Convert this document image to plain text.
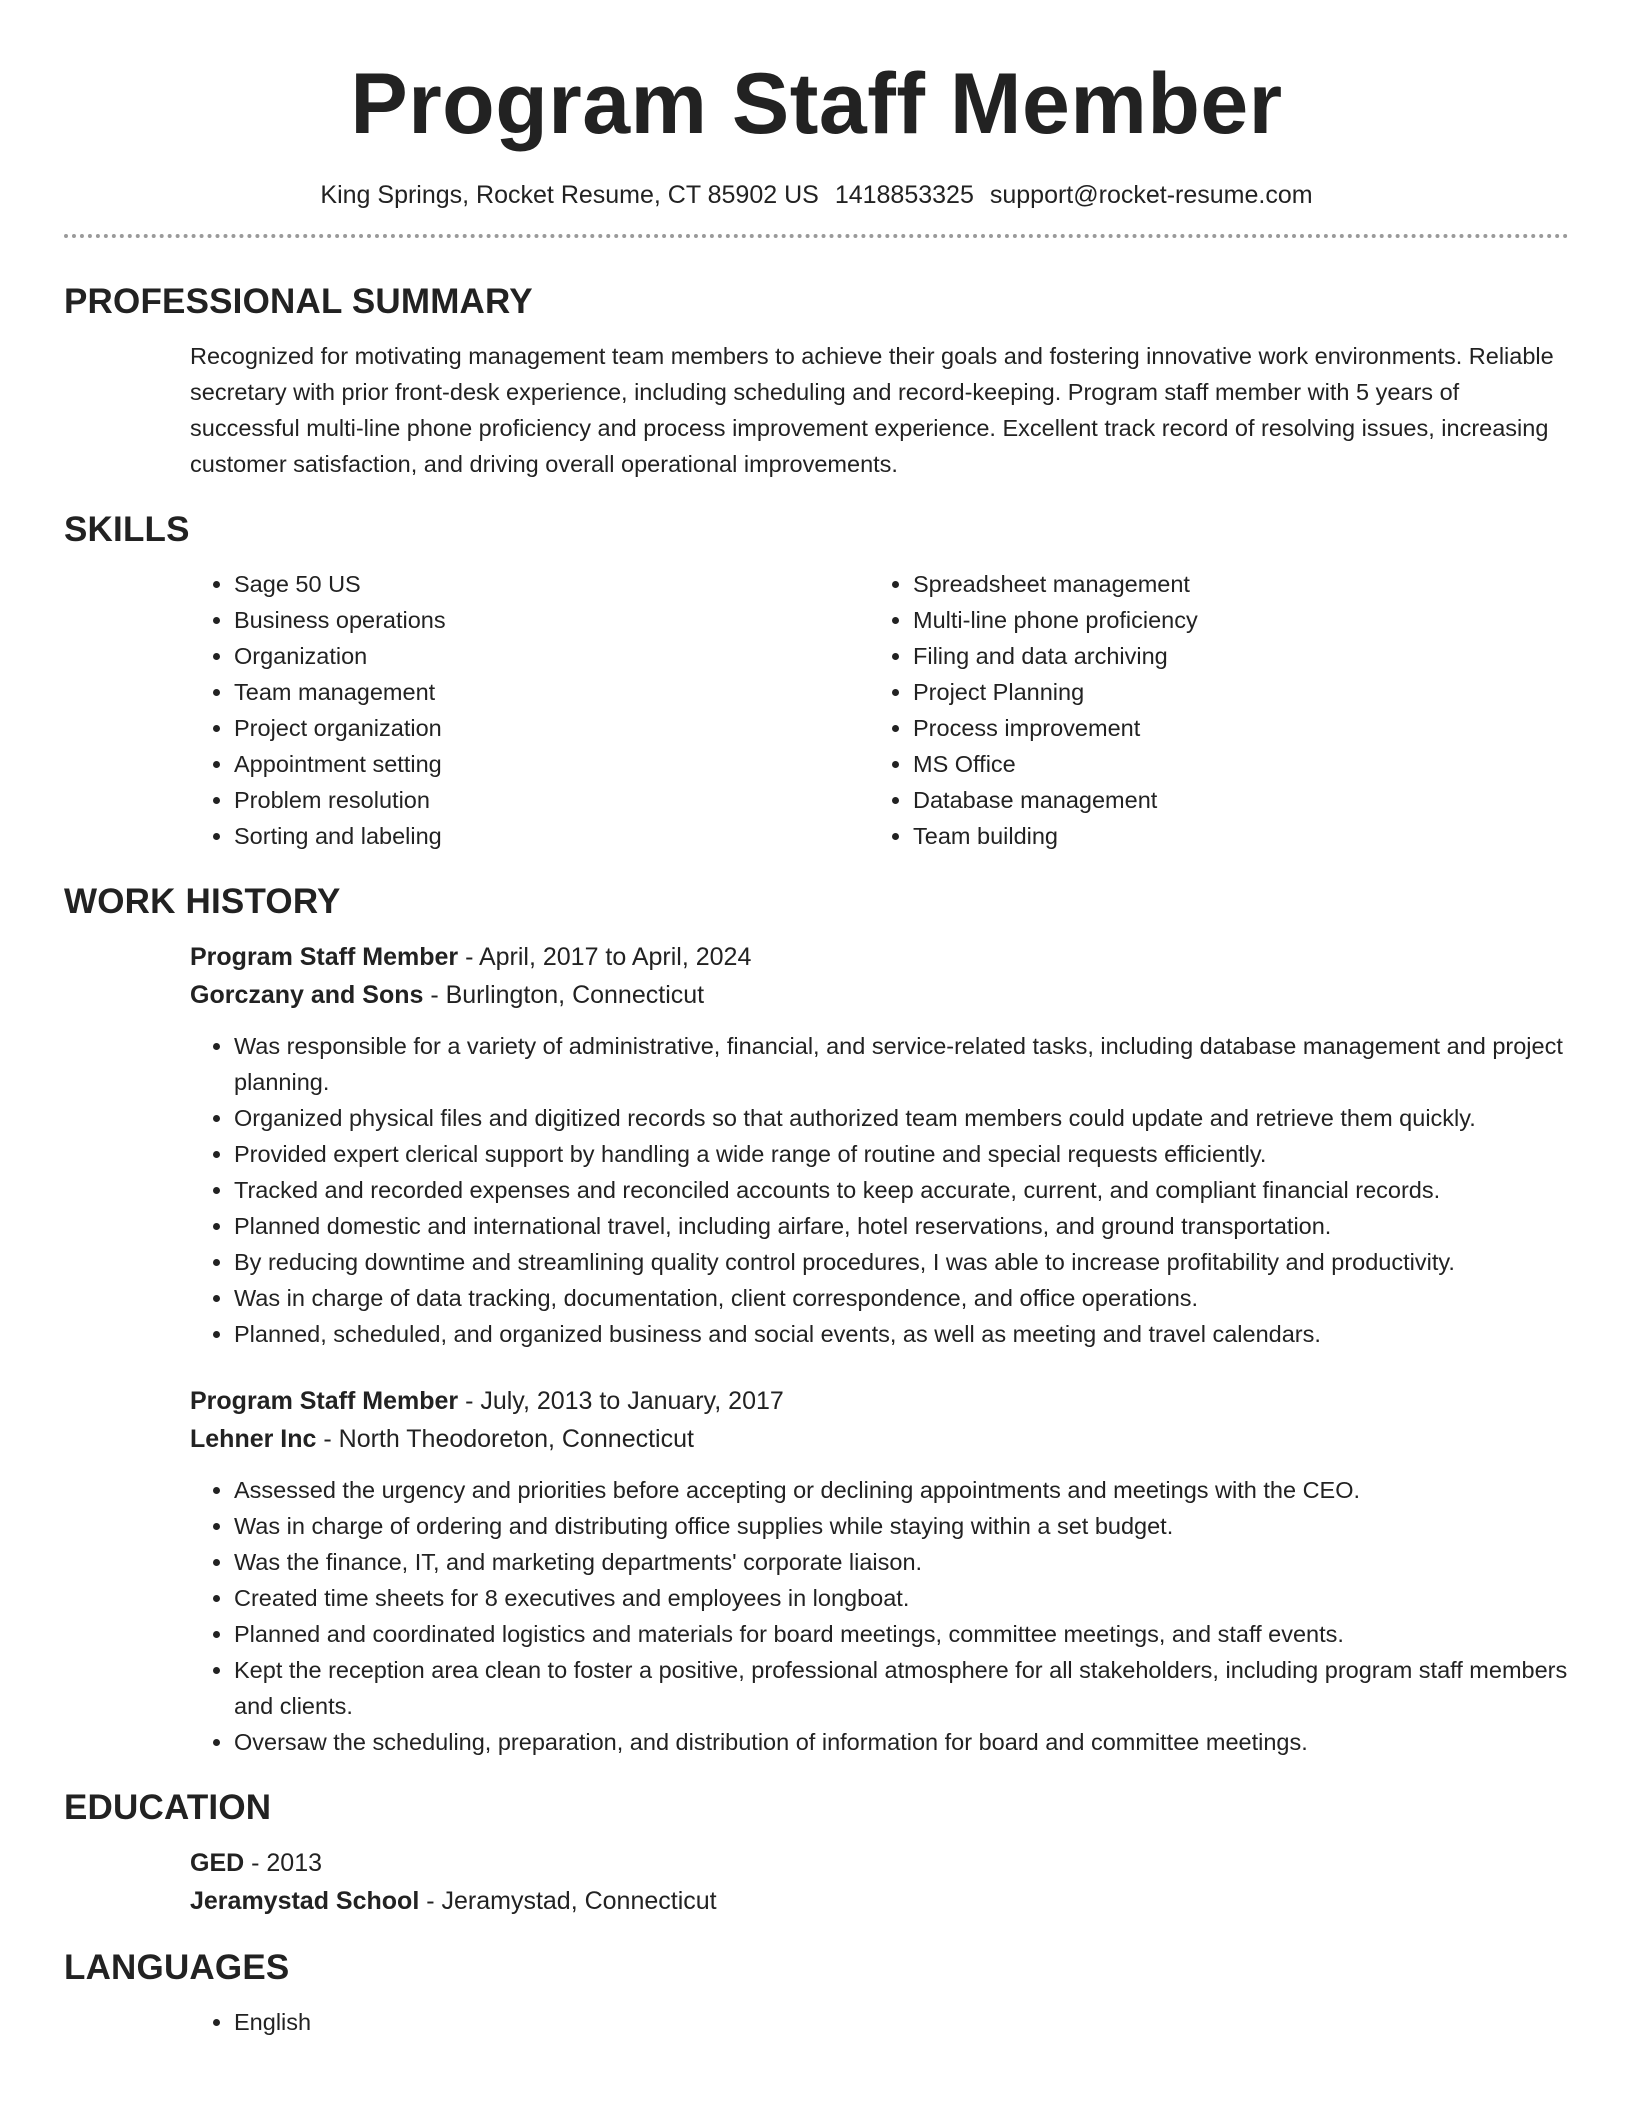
Program Staff Member
King Springs, Rocket Resume, CT 85902 US 1418853325 support@rocket-resume.com
PROFESSIONAL SUMMARY

Recognized for motivating management team members to achieve their goals and fostering innovative work environments. Reliable secretary with prior front-desk experience, including scheduling and record-keeping. Program staff member with 5 years of successful multi-line phone proficiency and process improvement experience. Excellent track record of resolving issues, increasing customer satisfaction, and driving overall operational improvements.

SKILLS
• Sage 50 US
• Business operations
• Organization
• Team management
• Project organization
• Appointment setting
• Problem resolution
• Sorting and labeling
• Spreadsheet management
• Multi-line phone proficiency
• Filing and data archiving
• Project Planning
• Process improvement
• MS Office
• Database management
• Team building
WORK HISTORY
Program Staff Member - April, 2017 to April, 2024
Gorczany and Sons - Burlington, Connecticut
• Was responsible for a variety of administrative, financial, and service-related tasks, including database management and project planning.
• Organized physical files and digitized records so that authorized team members could update and retrieve them quickly.
• Provided expert clerical support by handling a wide range of routine and special requests efficiently.
• Tracked and recorded expenses and reconciled accounts to keep accurate, current, and compliant financial records.
• Planned domestic and international travel, including airfare, hotel reservations, and ground transportation.
• By reducing downtime and streamlining quality control procedures, I was able to increase profitability and productivity.
• Was in charge of data tracking, documentation, client correspondence, and office operations.
• Planned, scheduled, and organized business and social events, as well as meeting and travel calendars.
Program Staff Member - July, 2013 to January, 2017
Lehner Inc - North Theodoreton, Connecticut
• Assessed the urgency and priorities before accepting or declining appointments and meetings with the CEO.
• Was in charge of ordering and distributing office supplies while staying within a set budget.
• Was the finance, IT, and marketing departments' corporate liaison.
• Created time sheets for 8 executives and employees in longboat.
• Planned and coordinated logistics and materials for board meetings, committee meetings, and staff events.
• Kept the reception area clean to foster a positive, professional atmosphere for all stakeholders, including program staff members and clients.
• Oversaw the scheduling, preparation, and distribution of information for board and committee meetings.
EDUCATION
GED - 2013
Jeramystad School - Jeramystad, Connecticut
LANGUAGES
• English
